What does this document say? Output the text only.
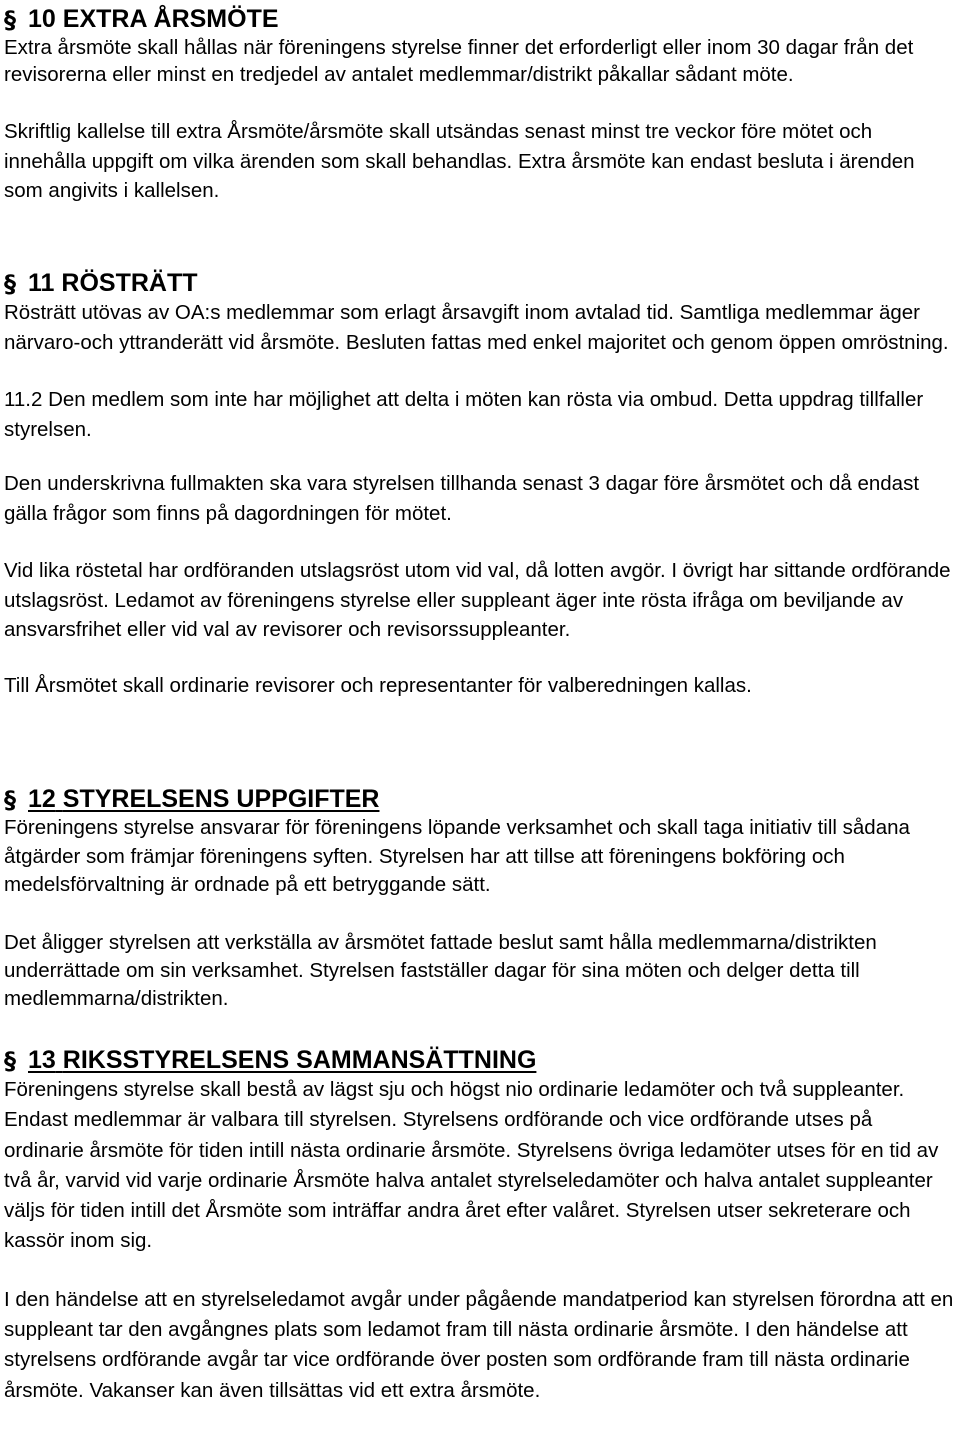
§ 10
EXTRA ÅRSMÖTE

Extra årsmöte skall hållas när föreningens styrelse finner det erforderligt eller inom 30 dagar från det revisorerna eller minst en tredjedel av antalet medlemmar/distrikt påkallar sådant möte.

Skriftlig kallelse till extra Årsmöte/årsmöte skall utsändas senast minst tre veckor före mötet och innehålla uppgift om vilka ärenden som skall behandlas. Extra årsmöte kan endast besluta i ärenden som angivits i kallelsen.

§ 11
RÖSTRÄTT

Rösträtt utövas av OA:s medlemmar som erlagt årsavgift inom avtalad tid. Samtliga medlemmar äger närvaro-och yttranderätt vid årsmöte. Besluten fattas med enkel majoritet och genom öppen omröstning.

11.2 Den medlem som inte har möjlighet att delta i möten kan rösta via ombud. Detta uppdrag tillfaller styrelsen.

Den underskrivna fullmakten ska vara styrelsen tillhanda senast 3 dagar före årsmötet och då endast gälla frågor som finns på dagordningen för mötet.

Vid lika röstetal har ordföranden utslagsröst utom vid val, då lotten avgör. I övrigt har sittande ordförande utslagsröst. Ledamot av föreningens styrelse eller suppleant äger inte rösta ifråga om beviljande av ansvarsfrihet eller vid val av revisorer och revisorssuppleanter.

Till Årsmötet skall ordinarie revisorer och representanter för valberedningen kallas.

§ 12
STYRELSENS UPPGIFTER

Föreningens styrelse ansvarar för föreningens löpande verksamhet och skall taga initiativ till sådana åtgärder som främjar föreningens syften. Styrelsen har att tillse att föreningens bokföring och medelsförvaltning är ordnade på ett betryggande sätt.

Det åligger styrelsen att verkställa av årsmötet fattade beslut samt hålla medlemmarna/distrikten underrättade om sin verksamhet. Styrelsen fastställer dagar för sina möten och delger detta till medlemmarna/distrikten.

§ 13
RIKSSTYRELSENS SAMMANSÄTTNING

Föreningens styrelse skall bestå av lägst sju och högst nio ordinarie ledamöter och två suppleanter. Endast medlemmar är valbara till styrelsen. Styrelsens ordförande och vice ordförande utses på ordinarie årsmöte för tiden intill nästa ordinarie årsmöte. Styrelsens övriga ledamöter utses för en tid av två år, varvid vid varje ordinarie Årsmöte halva antalet styrelseledamöter och halva antalet suppleanter väljs för tiden intill det Årsmöte som inträffar andra året efter valåret. Styrelsen utser sekreterare och kassör inom sig.

I den händelse att en styrelseledamot avgår under pågående mandatperiod kan styrelsen förordna att en suppleant tar den avgångnes plats som ledamot fram till nästa ordinarie årsmöte. I den händelse att styrelsens ordförande avgår tar vice ordförande över posten som ordförande fram till nästa ordinarie årsmöte. Vakanser kan även tillsättas vid ett extra årsmöte.
